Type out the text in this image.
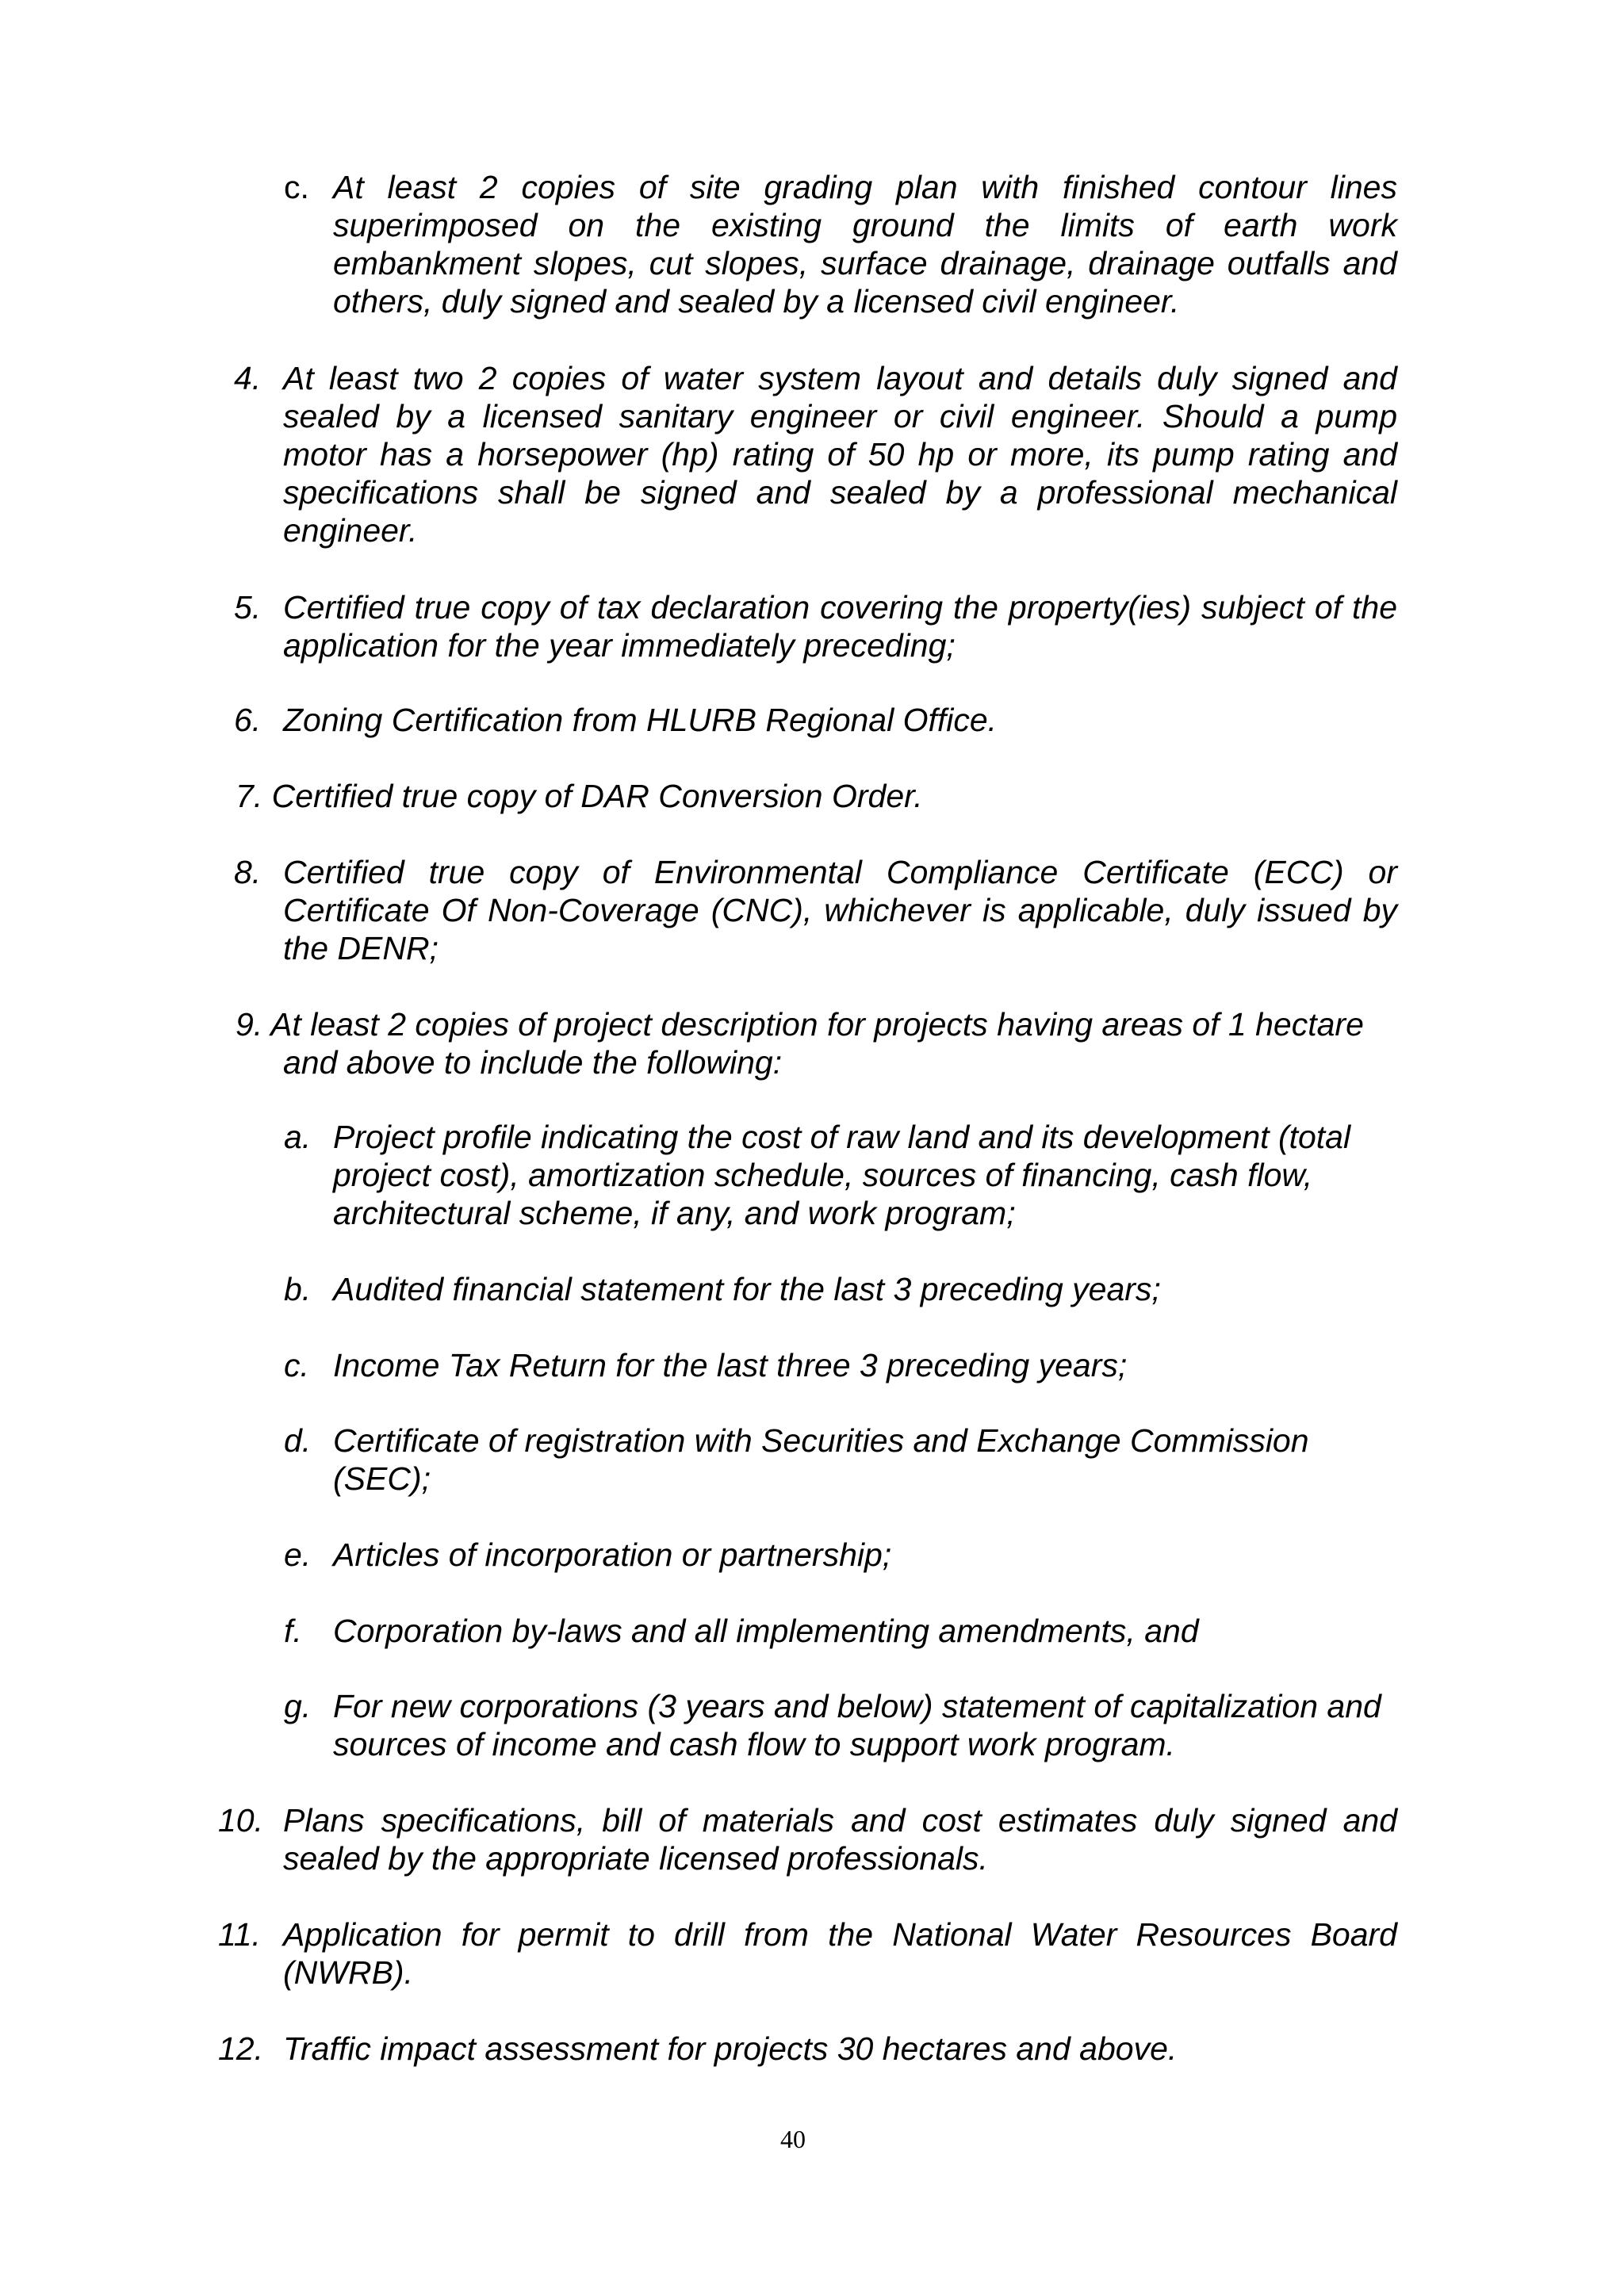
c. At least 2 copies of site grading plan with finished contour lines superimposed on the existing ground the limits of earth work embankment slopes, cut slopes, surface drainage, drainage outfalls and others, duly signed and sealed by a licensed civil engineer.
4. At least two 2 copies of water system layout and details duly signed and sealed by a licensed sanitary engineer or civil engineer. Should a pump motor has a horsepower (hp) rating of 50 hp or more, its pump rating and specifications shall be signed and sealed by a professional mechanical engineer.
5. Certified true copy of tax declaration covering the property(ies) subject of the application for the year immediately preceding;
6. Zoning Certification from HLURB Regional Office.
7. Certified true copy of DAR Conversion Order.
8. Certified true copy of Environmental Compliance Certificate (ECC) or Certificate Of Non-Coverage (CNC), whichever is applicable, duly issued by the DENR;
9. At least 2 copies of project description for projects having areas of 1 hectare
and above to include the following:
a. Project profile indicating the cost of raw land and its development (total project cost), amortization schedule, sources of financing, cash flow, architectural scheme, if any, and work program;
b. Audited financial statement for the last 3 preceding years;
c. Income Tax Return for the last three 3 preceding years;
d. Certificate of registration with Securities and Exchange Commission (SEC);
e. Articles of incorporation or partnership;
f. Corporation by-laws and all implementing amendments, and
g. For new corporations (3 years and below) statement of capitalization and sources of income and cash flow to support work program.
10. Plans specifications, bill of materials and cost estimates duly signed and sealed by the appropriate licensed professionals.
11. Application for permit to drill from the National Water Resources Board (NWRB).
12. Traffic impact assessment for projects 30 hectares and above.
40
